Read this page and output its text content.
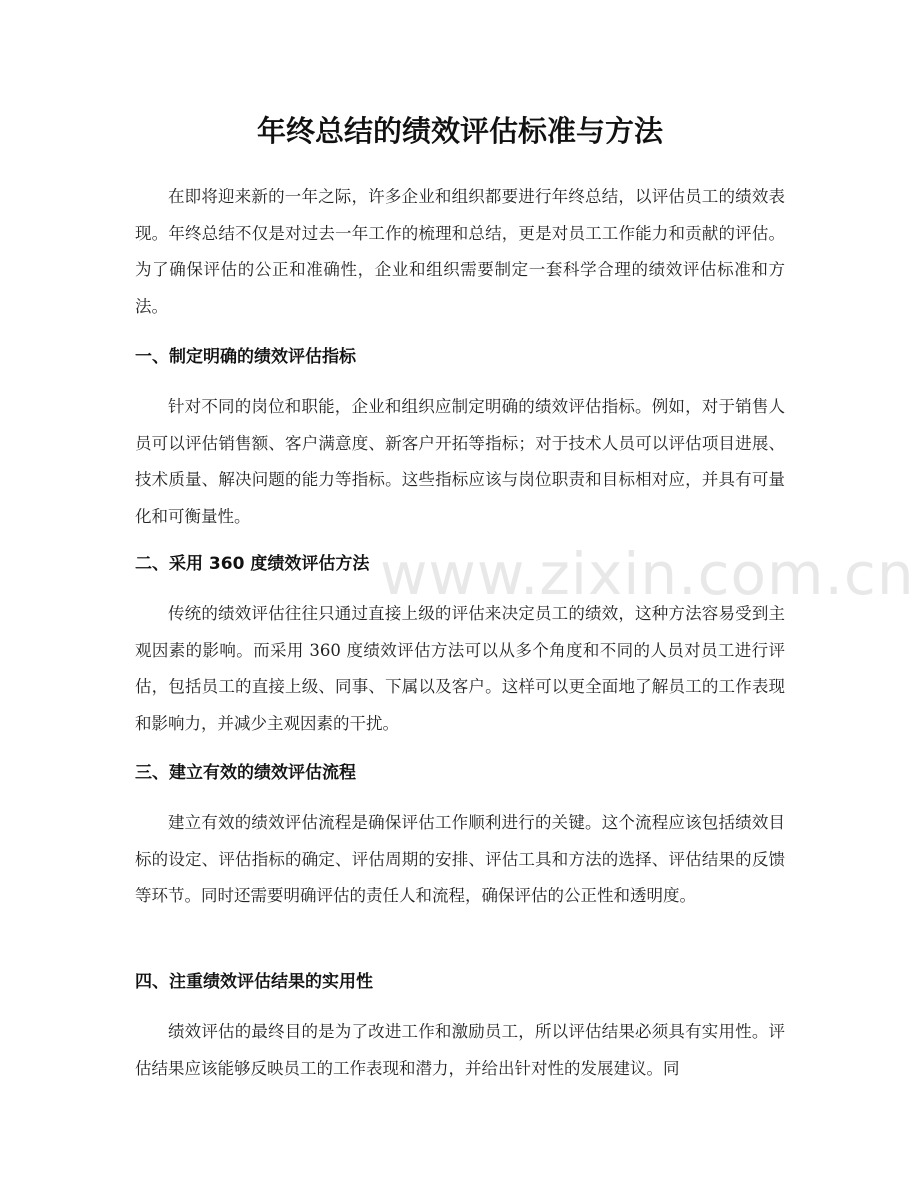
年终总结的绩效评估标准与方法

在即将迎来新的一年之际，许多企业和组织都要进行年终总结，以评估员工的绩效表现。年终总结不仅是对过去一年工作的梳理和总结，更是对员工工作能力和贡献的评估。为了确保评估的公正和准确性，企业和组织需要制定一套科学合理的绩效评估标准和方法。

一、制定明确的绩效评估指标

针对不同的岗位和职能，企业和组织应制定明确的绩效评估指标。例如，对于销售人员可以评估销售额、客户满意度、新客户开拓等指标；对于技术人员可以评估项目进展、技术质量、解决问题的能力等指标。这些指标应该与岗位职责和目标相对应，并具有可量化和可衡量性。

二、采用 360 度绩效评估方法

传统的绩效评估往往只通过直接上级的评估来决定员工的绩效，这种方法容易受到主观因素的影响。而采用 360 度绩效评估方法可以从多个角度和不同的人员对员工进行评估，包括员工的直接上级、同事、下属以及客户。这样可以更全面地了解员工的工作表现和影响力，并减少主观因素的干扰。

三、建立有效的绩效评估流程

建立有效的绩效评估流程是确保评估工作顺利进行的关键。这个流程应该包括绩效目标的设定、评估指标的确定、评估周期的安排、评估工具和方法的选择、评估结果的反馈等环节。同时还需要明确评估的责任人和流程，确保评估的公正性和透明度。

四、注重绩效评估结果的实用性

绩效评估的最终目的是为了改进工作和激励员工，所以评估结果必须具有实用性。评估结果应该能够反映员工的工作表现和潜力，并给出针对性的发展建议。同

www.zixin.com.cn
